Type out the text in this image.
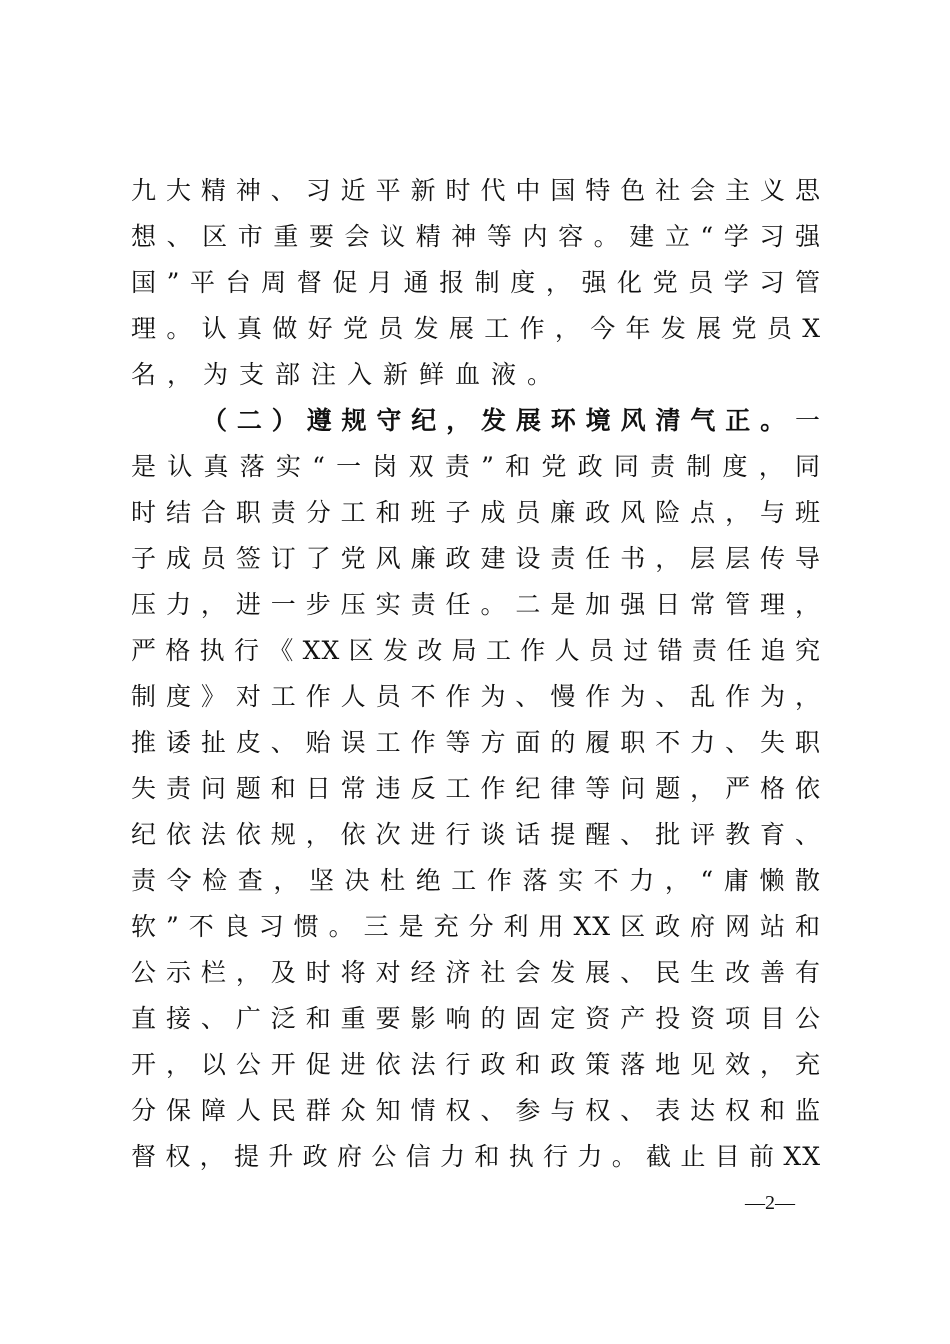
九大精神、习近平新时代中国特色社会主义思
想、区市重要会议精神等内容。建立“学习强
国”平台周督促月通报制度，强化党员学习管
理。认真做好党员发展工作，今年发展党员X
名，为支部注入新鲜血液。
（二）遵规守纪，发展环境风清气正。一
是认真落实“一岗双责”和党政同责制度，同
时结合职责分工和班子成员廉政风险点，与班
子成员签订了党风廉政建设责任书，层层传导
压力，进一步压实责任。二是加强日常管理，
严格执行《XX区发改局工作人员过错责任追究
制度》对工作人员不作为、慢作为、乱作为，
推诿扯皮、贻误工作等方面的履职不力、失职
失责问题和日常违反工作纪律等问题，严格依
纪依法依规，依次进行谈话提醒、批评教育、
责令检查，坚决杜绝工作落实不力，“庸懒散
软”不良习惯。三是充分利用XX区政府网站和
公示栏，及时将对经济社会发展、民生改善有
直接、广泛和重要影响的固定资产投资项目公
开，以公开促进依法行政和政策落地见效，充
分保障人民群众知情权、参与权、表达权和监
督权，提升政府公信力和执行力。截止目前XX
—2—
